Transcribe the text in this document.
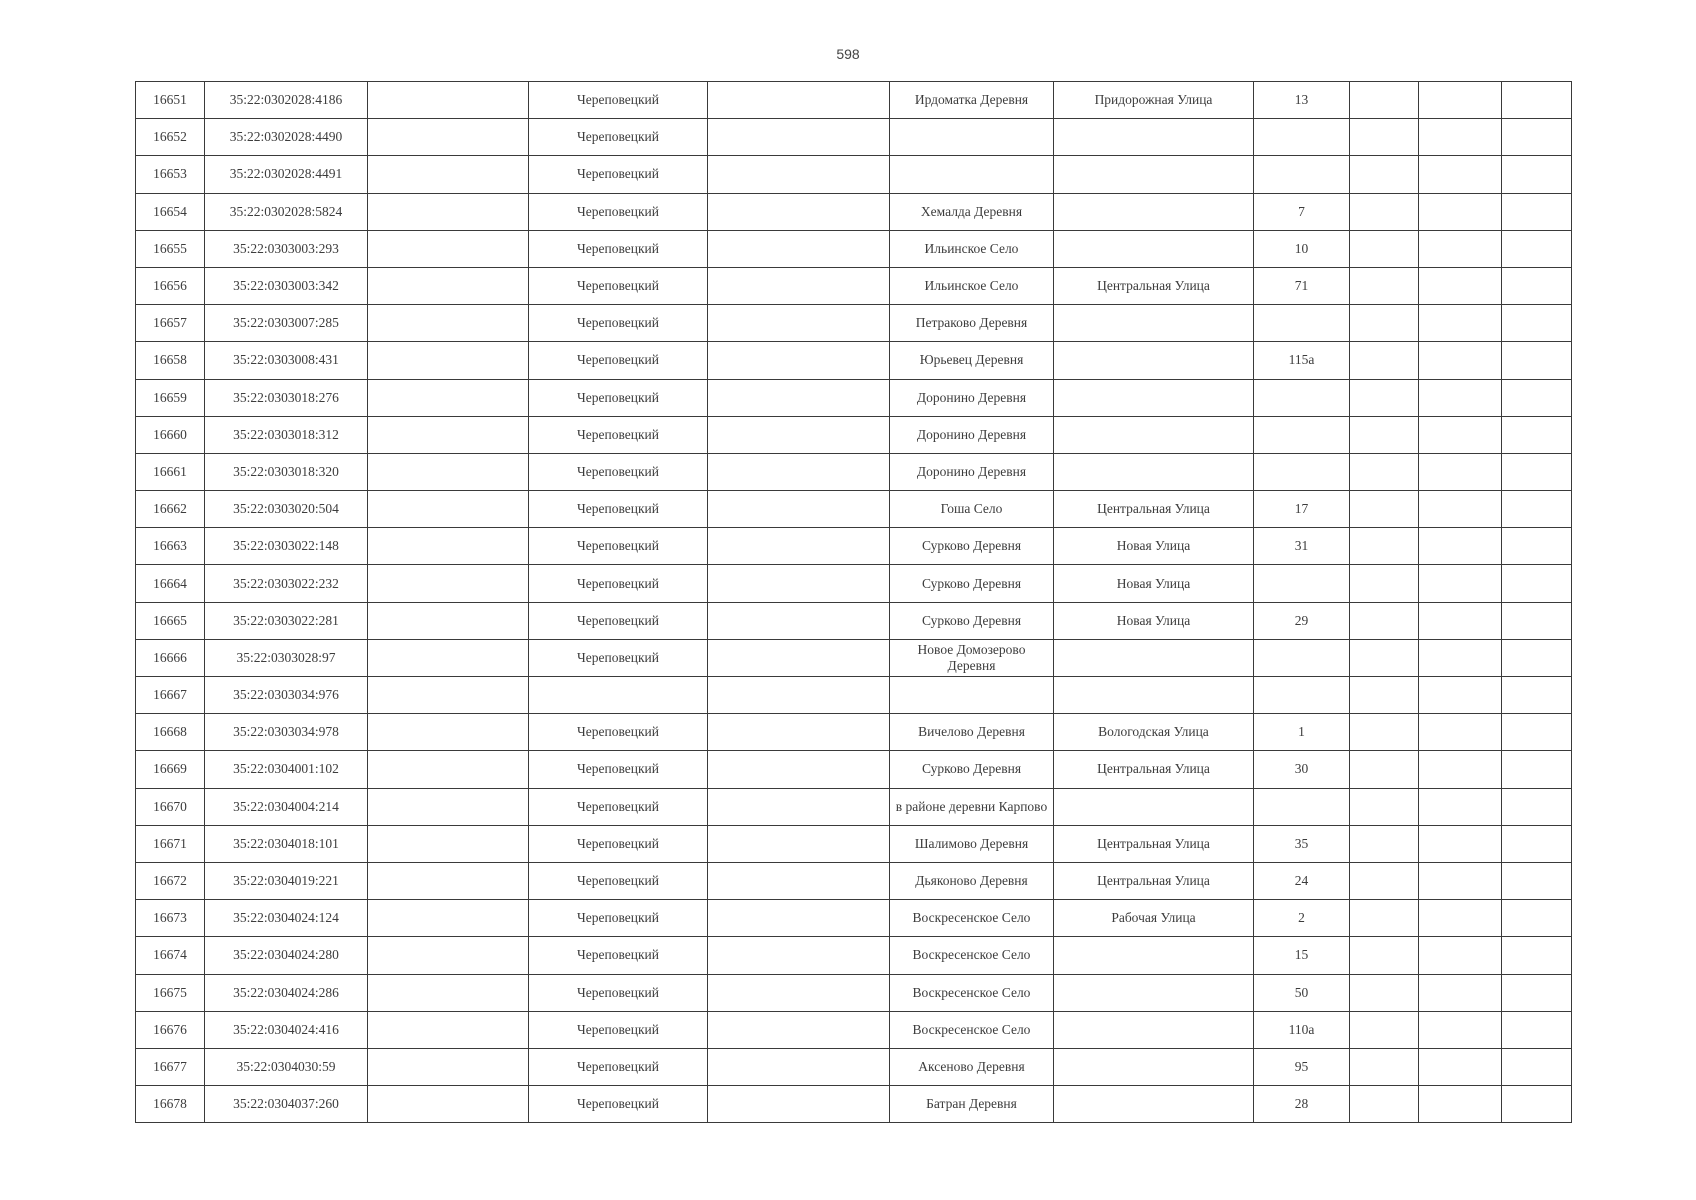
598
16651	35:22:0302028:4186		Череповецкий		Ирдоматка Деревня	Придорожная Улица	13			
16652	35:22:0302028:4490		Череповецкий							
16653	35:22:0302028:4491		Череповецкий							
16654	35:22:0302028:5824		Череповецкий		Хемалда Деревня		7			
16655	35:22:0303003:293		Череповецкий		Ильинское Село		10			
16656	35:22:0303003:342		Череповецкий		Ильинское Село	Центральная Улица	71			
16657	35:22:0303007:285		Череповецкий		Петраково Деревня					
16658	35:22:0303008:431		Череповецкий		Юрьевец Деревня		115а			
16659	35:22:0303018:276		Череповецкий		Доронино Деревня					
16660	35:22:0303018:312		Череповецкий		Доронино Деревня					
16661	35:22:0303018:320		Череповецкий		Доронино Деревня					
16662	35:22:0303020:504		Череповецкий		Гоша Село	Центральная Улица	17			
16663	35:22:0303022:148		Череповецкий		Сурково Деревня	Новая Улица	31			
16664	35:22:0303022:232		Череповецкий		Сурково Деревня	Новая Улица				
16665	35:22:0303022:281		Череповецкий		Сурково Деревня	Новая Улица	29			
16666	35:22:0303028:97		Череповецкий		Новое Домозерово Деревня					
16667	35:22:0303034:976									
16668	35:22:0303034:978		Череповецкий		Вичелово Деревня	Вологодская Улица	1			
16669	35:22:0304001:102		Череповецкий		Сурково Деревня	Центральная Улица	30			
16670	35:22:0304004:214		Череповецкий		в районе деревни Карпово					
16671	35:22:0304018:101		Череповецкий		Шалимово Деревня	Центральная Улица	35			
16672	35:22:0304019:221		Череповецкий		Дьяконово Деревня	Центральная Улица	24			
16673	35:22:0304024:124		Череповецкий		Воскресенское Село	Рабочая Улица	2			
16674	35:22:0304024:280		Череповецкий		Воскресенское Село		15			
16675	35:22:0304024:286		Череповецкий		Воскресенское Село		50			
16676	35:22:0304024:416		Череповецкий		Воскресенское Село		110а			
16677	35:22:0304030:59		Череповецкий		Аксеново Деревня		95			
16678	35:22:0304037:260		Череповецкий		Батран Деревня		28			
